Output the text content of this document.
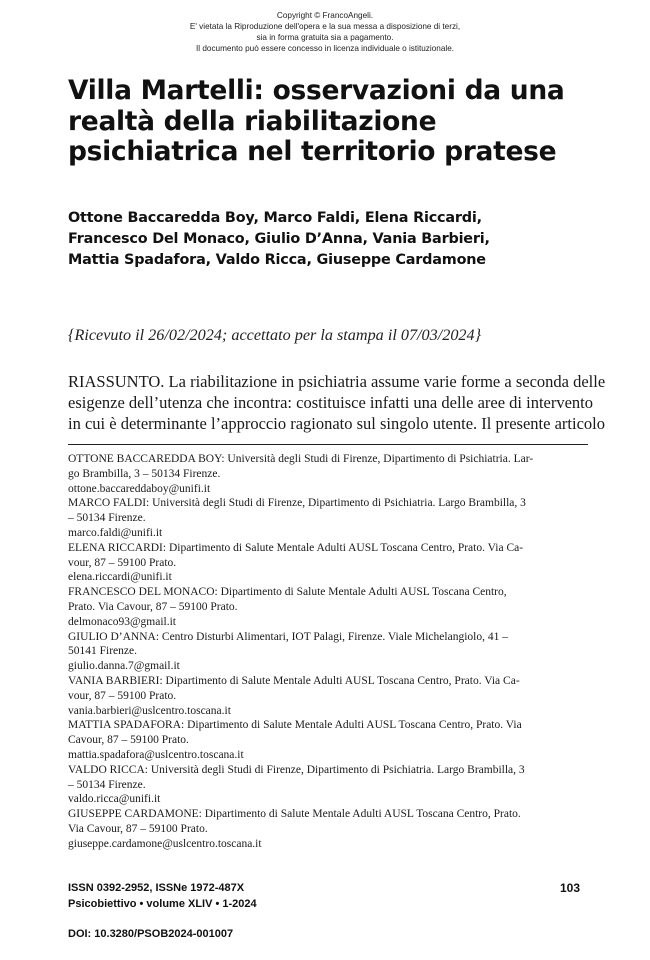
Copyright © FrancoAngeli.
E' vietata la Riproduzione dell'opera e la sua messa a disposizione di terzi,
sia in forma gratuita sia a pagamento.
Il documento può essere concesso in licenza individuale o istituzionale.
Villa Martelli: osservazioni da una realtà della riabilitazione psichiatrica nel territorio pratese
Ottone Baccaredda Boy, Marco Faldi, Elena Riccardi,
Francesco Del Monaco, Giulio D’Anna, Vania Barbieri,
Mattia Spadafora, Valdo Ricca, Giuseppe Cardamone
{Ricevuto il 26/02/2024; accettato per la stampa il 07/03/2024}
RIASSUNTO. La riabilitazione in psichiatria assume varie forme a seconda delle
esigenze dell’utenza che incontra: costituisce infatti una delle aree di intervento
in cui è determinante l’approccio ragionato sul singolo utente. Il presente articolo
OTTONE BACCAREDDA BOY: Università degli Studi di Firenze, Dipartimento di Psichiatria. Lar-
go Brambilla, 3 – 50134 Firenze.
ottone.baccareddaboy@unifi.it
MARCO FALDI: Università degli Studi di Firenze, Dipartimento di Psichiatria. Largo Brambilla, 3
– 50134 Firenze.
marco.faldi@unifi.it
ELENA RICCARDI: Dipartimento di Salute Mentale Adulti AUSL Toscana Centro, Prato. Via Ca-
vour, 87 – 59100 Prato.
elena.riccardi@unifi.it
FRANCESCO DEL MONACO: Dipartimento di Salute Mentale Adulti AUSL Toscana Centro,
Prato. Via Cavour, 87 – 59100 Prato.
delmonaco93@gmail.it
GIULIO D’ANNA: Centro Disturbi Alimentari, IOT Palagi, Firenze. Viale Michelangiolo, 41 –
50141 Firenze.
giulio.danna.7@gmail.it
VANIA BARBIERI: Dipartimento di Salute Mentale Adulti AUSL Toscana Centro, Prato. Via Ca-
vour, 87 – 59100 Prato.
vania.barbieri@uslcentro.toscana.it
MATTIA SPADAFORA: Dipartimento di Salute Mentale Adulti AUSL Toscana Centro, Prato. Via
Cavour, 87 – 59100 Prato.
mattia.spadafora@uslcentro.toscana.it
VALDO RICCA: Università degli Studi di Firenze, Dipartimento di Psichiatria. Largo Brambilla, 3
– 50134 Firenze.
valdo.ricca@unifi.it
GIUSEPPE CARDAMONE: Dipartimento di Salute Mentale Adulti AUSL Toscana Centro, Prato.
Via Cavour, 87 – 59100 Prato.
giuseppe.cardamone@uslcentro.toscana.it
ISSN 0392-2952, ISSNe 1972-487X
Psicobiettivo • volume XLIV • 1-2024
DOI: 10.3280/PSOB2024-001007
103
